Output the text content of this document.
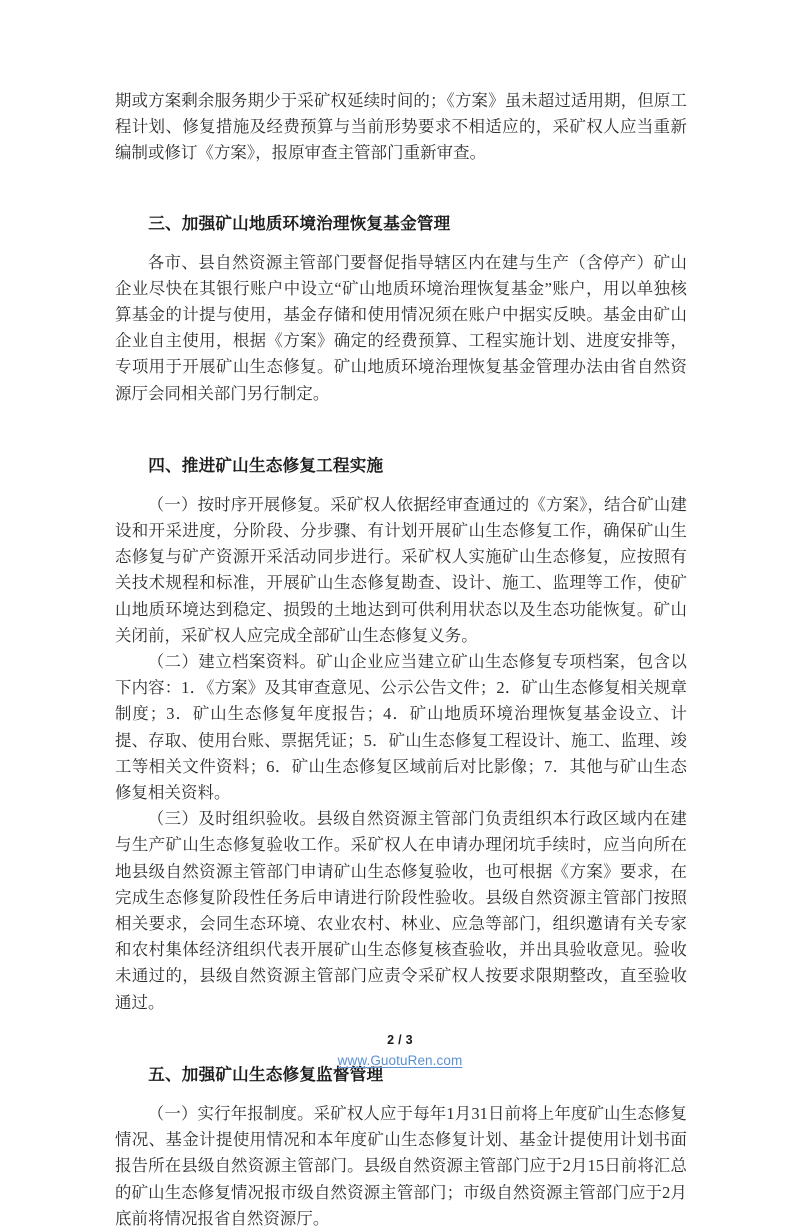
期或方案剩余服务期少于采矿权延续时间的；《方案》虽未超过适用期，但原工程计划、修复措施及经费预算与当前形势要求不相适应的，采矿权人应当重新编制或修订《方案》，报原审查主管部门重新审查。

三、加强矿山地质环境治理恢复基金管理

各市、县自然资源主管部门要督促指导辖区内在建与生产（含停产）矿山企业尽快在其银行账户中设立“矿山地质环境治理恢复基金”账户，用以单独核算基金的计提与使用，基金存储和使用情况须在账户中据实反映。基金由矿山企业自主使用，根据《方案》确定的经费预算、工程实施计划、进度安排等，专项用于开展矿山生态修复。矿山地质环境治理恢复基金管理办法由省自然资源厅会同相关部门另行制定。

四、推进矿山生态修复工程实施

（一）按时序开展修复。采矿权人依据经审查通过的《方案》，结合矿山建设和开采进度，分阶段、分步骤、有计划开展矿山生态修复工作，确保矿山生态修复与矿产资源开采活动同步进行。采矿权人实施矿山生态修复，应按照有关技术规程和标准，开展矿山生态修复勘查、设计、施工、监理等工作，使矿山地质环境达到稳定、损毁的土地达到可供利用状态以及生态功能恢复。矿山关闭前，采矿权人应完成全部矿山生态修复义务。

（二）建立档案资料。矿山企业应当建立矿山生态修复专项档案，包含以下内容：1．《方案》及其审查意见、公示公告文件；2．矿山生态修复相关规章制度；3．矿山生态修复年度报告；4．矿山地质环境治理恢复基金设立、计提、存取、使用台账、票据凭证；5．矿山生态修复工程设计、施工、监理、竣工等相关文件资料；6．矿山生态修复区域前后对比影像；7．其他与矿山生态修复相关资料。

（三）及时组织验收。县级自然资源主管部门负责组织本行政区域内在建与生产矿山生态修复验收工作。采矿权人在申请办理闭坑手续时，应当向所在地县级自然资源主管部门申请矿山生态修复验收，也可根据《方案》要求，在完成生态修复阶段性任务后申请进行阶段性验收。县级自然资源主管部门按照相关要求，会同生态环境、农业农村、林业、应急等部门，组织邀请有关专家和农村集体经济组织代表开展矿山生态修复核查验收，并出具验收意见。验收未通过的，县级自然资源主管部门应责令采矿权人按要求限期整改，直至验收通过。

五、加强矿山生态修复监督管理

（一）实行年报制度。采矿权人应于每年1月31日前将上年度矿山生态修复情况、基金计提使用情况和本年度矿山生态修复计划、基金计提使用计划书面报告所在县级自然资源主管部门。县级自然资源主管部门应于2月15日前将汇总的矿山生态修复情况报市级自然资源主管部门；市级自然资源主管部门应于2月底前将情况报省自然资源厅。

2 / 3
www.GuotuRen.com
